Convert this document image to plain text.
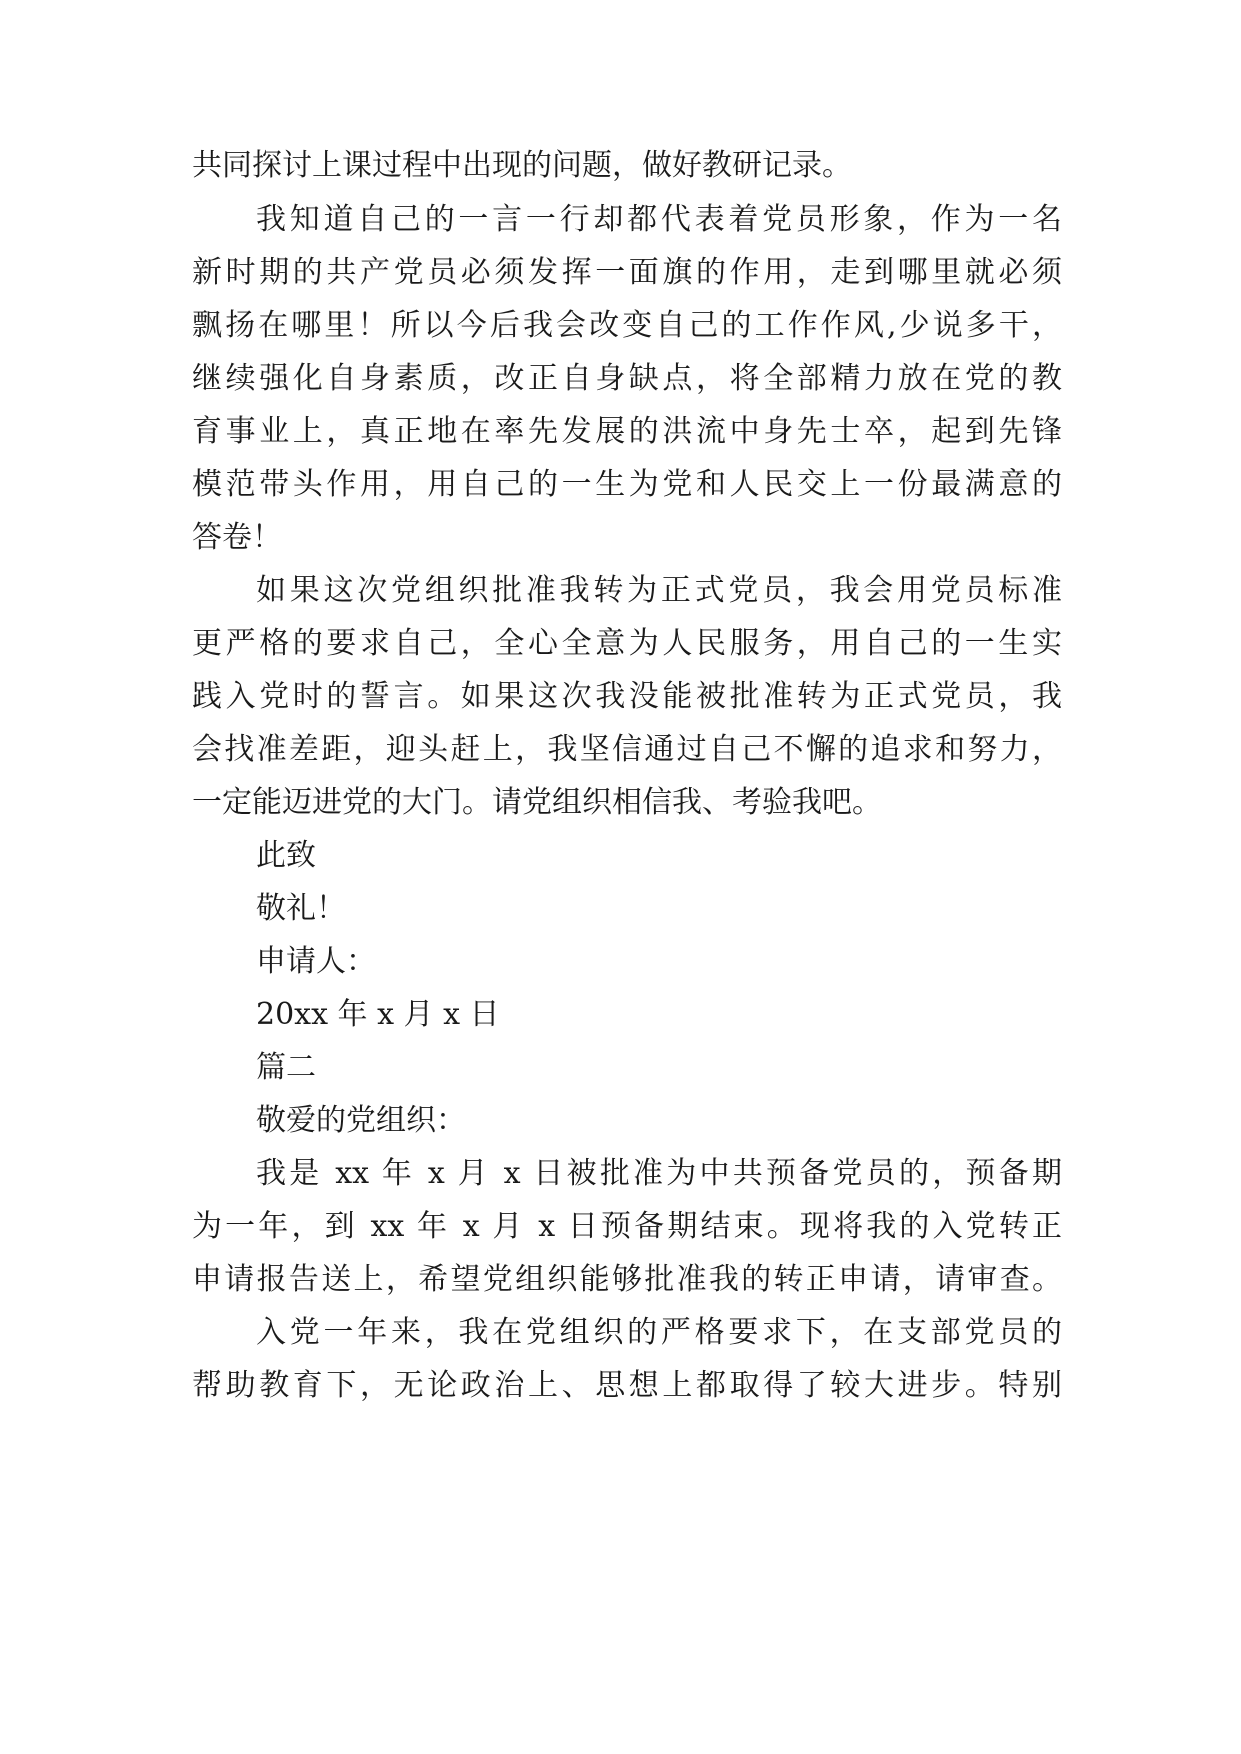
共同探讨上课过程中出现的问题，做好教研记录。
我知道自己的一言一行却都代表着党员形象，作为一名
新时期的共产党员必须发挥一面旗的作用，走到哪里就必须
飘扬在哪里！所以今后我会改变自己的工作作风,少说多干，
继续强化自身素质，改正自身缺点，将全部精力放在党的教
育事业上，真正地在率先发展的洪流中身先士卒，起到先锋
模范带头作用，用自己的一生为党和人民交上一份最满意的
答卷！
如果这次党组织批准我转为正式党员，我会用党员标准
更严格的要求自己，全心全意为人民服务，用自己的一生实
践入党时的誓言。如果这次我没能被批准转为正式党员，我
会找准差距，迎头赶上，我坚信通过自己不懈的追求和努力，
一定能迈进党的大门。请党组织相信我、考验我吧。
此致
敬礼！
申请人：
20xx 年 x 月 x 日
篇二
敬爱的党组织：
我是 xx 年 x 月 x 日被批准为中共预备党员的，预备期
为一年，到 xx 年 x 月 x 日预备期结束。现将我的入党转正
申请报告送上，希望党组织能够批准我的转正申请，请审查。
入党一年来，我在党组织的严格要求下，在支部党员的
帮助教育下，无论政治上、思想上都取得了较大进步。特别
